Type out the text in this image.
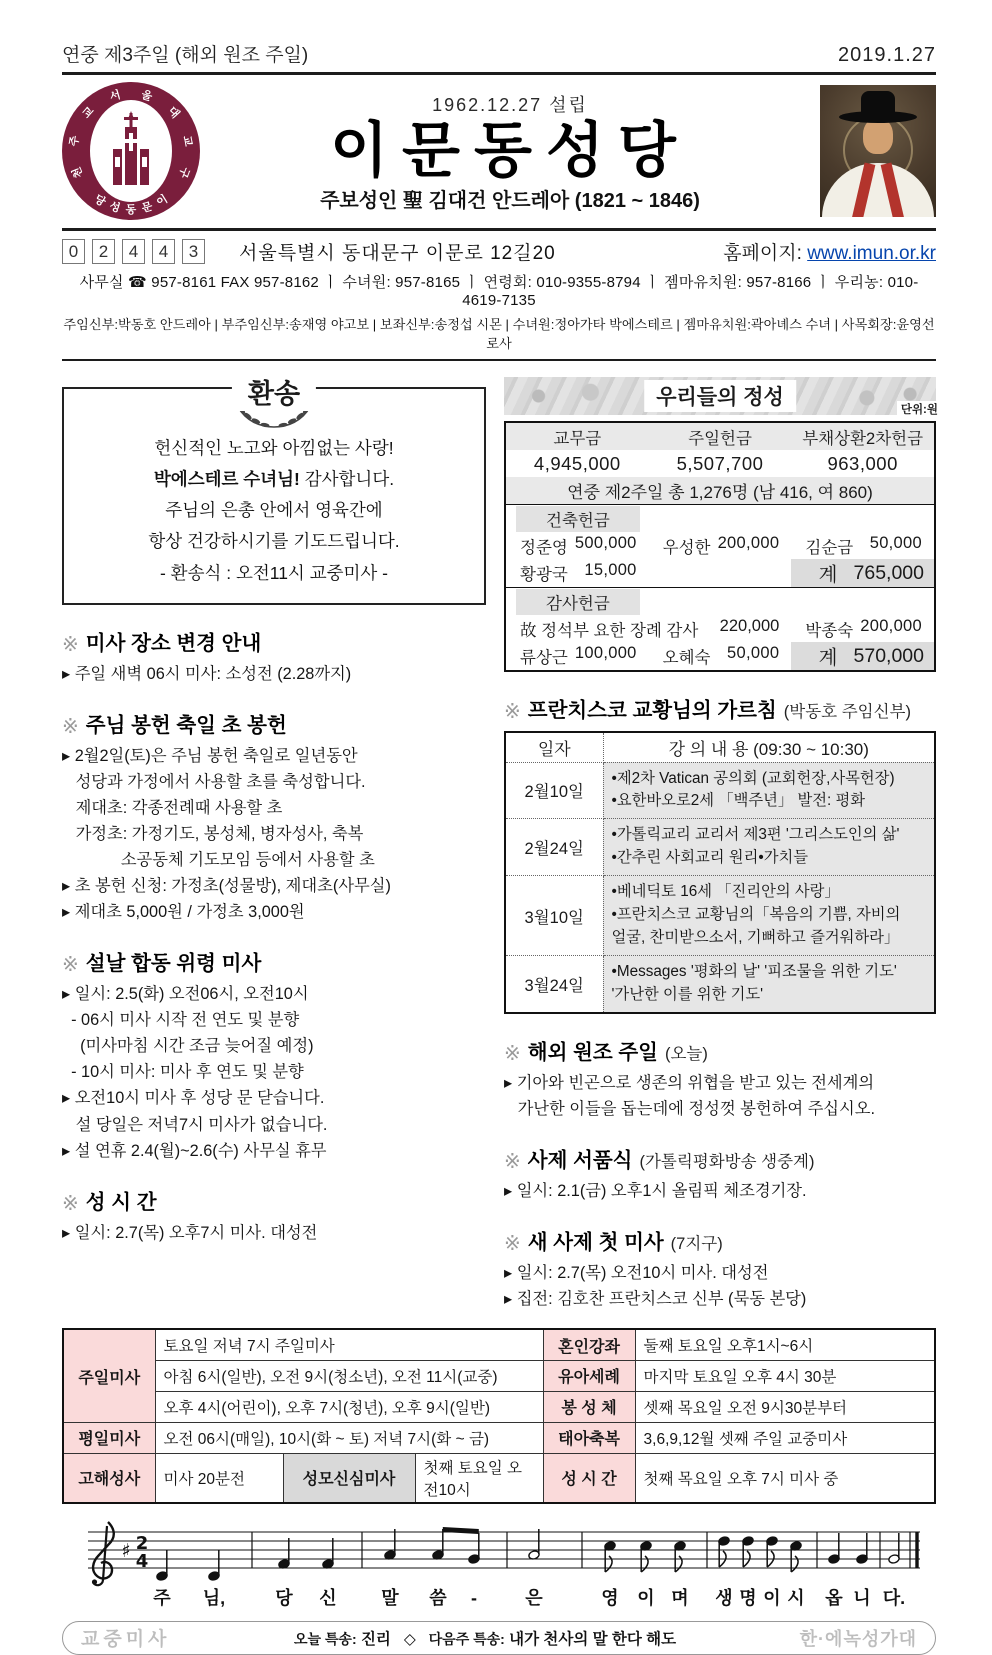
연중 제3주일 (해외 원조 주일)	2019.1.27
천
주
교
서 울
대
교
구
이
문
동
성
당
1962.12.27 설립
이문동성당
주보성인 聖 김대건 안드레아 (1821 ~ 1846)
0	2	4	4	3	서울특별시 동대문구 이문로 12길20	홈페이지: www.imun.or.kr
사무실 ☎ 957-8161 FAX 957-8162 ㅣ 수녀원: 957-8165 ㅣ 연령회: 010-9355-8794 ㅣ 젬마유치원: 957-8166 ㅣ 우리농: 010-4619-7135
주임신부:박동호 안드레아 | 부주임신부:송재영 야고보 | 보좌신부:송정섭 시몬 | 수녀원:정아가타 박에스테르 | 젬마유치원:곽아녜스 수녀 | 사목회장:윤영선 로사
환송
헌신적인 노고와 아낌없는 사랑!
박에스테르 수녀님! 감사합니다.
주님의 은총 안에서 영육간에
항상 건강하시기를 기도드립니다.
- 환송식 : 오전11시 교중미사 -
※ 미사 장소 변경 안내
▸ 주일 새벽 06시 미사: 소성전 (2.28까지)
※ 주님 봉헌 축일 초 봉헌
▸ 2월2일(토)은 주님 봉헌 축일로 일년동안
성당과 가정에서 사용할 초를 축성합니다.
제대초: 각종전례때 사용할 초
가정초: 가정기도, 봉성체, 병자성사, 축복
소공동체 기도모임 등에서 사용할 초
▸ 초 봉헌 신청: 가정초(성물방), 제대초(사무실)
▸ 제대초 5,000원 / 가정초 3,000원
※ 설날 합동 위령 미사
▸ 일시: 2.5(화) 오전06시, 오전10시
- 06시 미사 시작 전 연도 및 분향
(미사마침 시간 조금 늦어질 예정)
- 10시 미사: 미사 후 연도 및 분향
▸ 오전10시 미사 후 성당 문 닫습니다.
설 당일은 저녁7시 미사가 없습니다.
▸ 설 연휴 2.4(월)~2.6(수) 사무실 휴무
※ 성 시 간
▸ 일시: 2.7(목) 오후7시 미사. 대성전
우리들의 정성
단위:원
교무금	주일헌금	부채상환2차헌금
4,945,000	5,507,700	963,000
연중 제2주일 총 1,276명 (남 416, 여 860)
건축헌금
정준영 500,000 우성한 200,000 김순금 50,000
황광국 15,000	계 765,000
감사헌금
故 정석부 요한 장례 감사 220,000 박종숙 200,000
류상근 100,000 오혜숙 50,000 계 570,000
※ 프란치스코 교황님의 가르침 (박동호 주임신부)
일자	강 의 내 용 (09:30 ~ 10:30)
2월10일	•제2차 Vatican 공의회 (교회헌장,사목헌장)
•요한바오로2세 「백주년」 발전: 평화

2월24일	•가톨릭교리 교리서 제3편 '그리스도인의 삶'
•간추린 사회교리 원리•가치들

3월10일	•베네딕토 16세 「진리안의 사랑」
•프란치스코 교황님의「복음의 기쁨, 자비의
얼굴, 찬미받으소서, 기뻐하고 즐거워하라」

3월24일	•Messages '평화의 날' '피조물을 위한 기도'
'가난한 이를 위한 기도'
※ 해외 원조 주일 (오늘)
▸ 기아와 빈곤으로 생존의 위협을 받고 있는 전세계의
가난한 이들을 돕는데에 정성껏 봉헌하여 주십시오.
※ 사제 서품식 (가톨릭평화방송 생중계)
▸ 일시: 2.1(금) 오후1시 올림픽 체조경기장.
※ 새 사제 첫 미사 (7지구)
▸ 일시: 2.7(목) 오전10시 미사. 대성전
▸ 집전: 김호찬 프란치스코 신부 (묵동 본당)
주일미사	토요일 저녁 7시 주일미사			혼인강좌	둘째 토요일 오후1시~6시
	아침 6시(일반), 오전 9시(청소년), 오전 11시(교중)			유아세례	마지막 토요일 오후 4시 30분
	오후 4시(어린이), 오후 7시(청년), 오후 9시(일반)			봉 성 체	셋째 목요일 오전 9시30분부터
평일미사	오전 06시(매일), 10시(화 ~ 토) 저녁 7시(화 ~ 금)			태아축복	3,6,9,12월 셋째 주일 교중미사
고해성사	미사 20분전	성모신심미사	첫째 토요일 오전10시	성 시 간	첫째 목요일 오후 7시 미사 중
♯ 2
4
주 님,	당 신 말 씀 -	은	영 이 며 생 명 이 시 옵 니 다.
교중미사	오늘 특송: 진리 ◇ 다음주 특송: 내가 천사의 말 한다 해도	한·에녹성가대
